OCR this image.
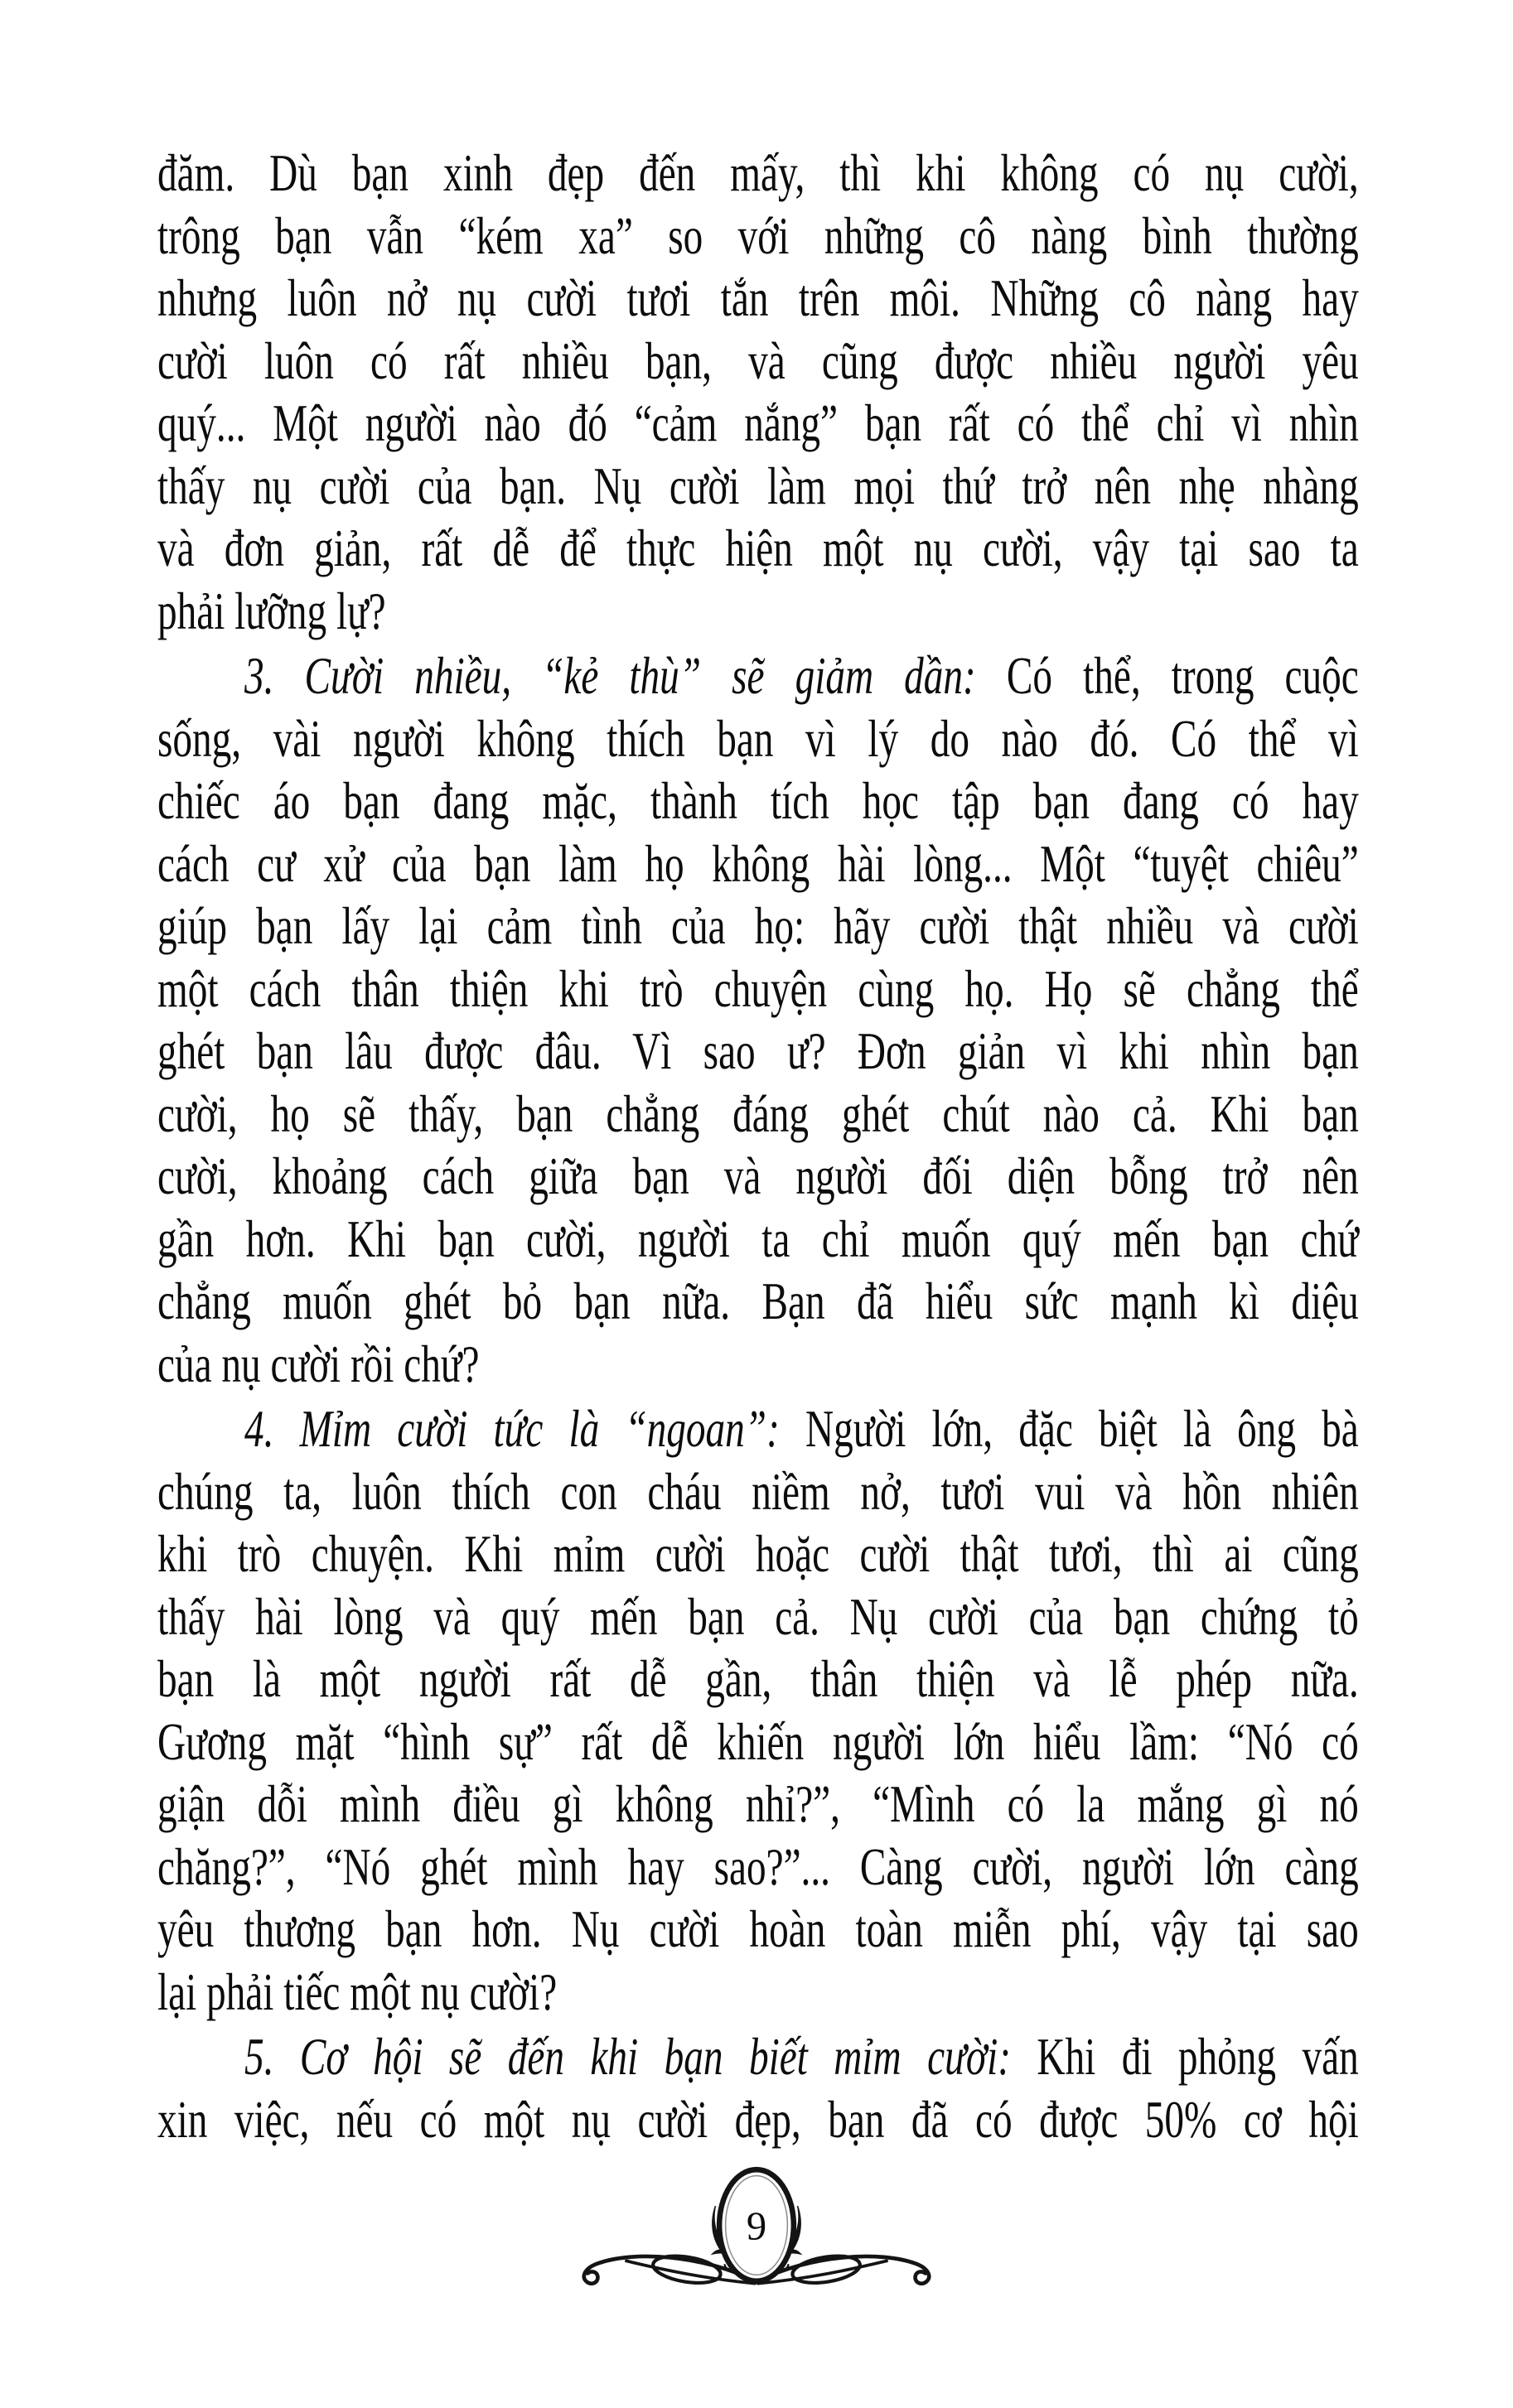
đăm. Dù bạn xinh đẹp đến mấy, thì khi không có nụ cười,
trông bạn vẫn “kém xa” so với những cô nàng bình thường
nhưng luôn nở nụ cười tươi tắn trên môi. Những cô nàng hay
cười luôn có rất nhiều bạn, và cũng được nhiều người yêu
quý... Một người nào đó “cảm nắng” bạn rất có thể chỉ vì nhìn
thấy nụ cười của bạn. Nụ cười làm mọi thứ trở nên nhẹ nhàng
và đơn giản, rất dễ để thực hiện một nụ cười, vậy tại sao ta
phải lưỡng lự?
3. Cười nhiều, “kẻ thù” sẽ giảm dần: Có thể, trong cuộc
sống, vài người không thích bạn vì lý do nào đó. Có thể vì
chiếc áo bạn đang mặc, thành tích học tập bạn đang có hay
cách cư xử của bạn làm họ không hài lòng... Một “tuyệt chiêu”
giúp bạn lấy lại cảm tình của họ: hãy cười thật nhiều và cười
một cách thân thiện khi trò chuyện cùng họ. Họ sẽ chẳng thể
ghét bạn lâu được đâu. Vì sao ư? Đơn giản vì khi nhìn bạn
cười, họ sẽ thấy, bạn chẳng đáng ghét chút nào cả. Khi bạn
cười, khoảng cách giữa bạn và người đối diện bỗng trở nên
gần hơn. Khi bạn cười, người ta chỉ muốn quý mến bạn chứ
chẳng muốn ghét bỏ bạn nữa. Bạn đã hiểu sức mạnh kì diệu
của nụ cười rồi chứ?
4. Mỉm cười tức là “ngoan”: Người lớn, đặc biệt là ông bà
chúng ta, luôn thích con cháu niềm nở, tươi vui và hồn nhiên
khi trò chuyện. Khi mỉm cười hoặc cười thật tươi, thì ai cũng
thấy hài lòng và quý mến bạn cả. Nụ cười của bạn chứng tỏ
bạn là một người rất dễ gần, thân thiện và lễ phép nữa.
Gương mặt “hình sự” rất dễ khiến người lớn hiểu lầm: “Nó có
giận dỗi mình điều gì không nhỉ?”, “Mình có la mắng gì nó
chăng?”, “Nó ghét mình hay sao?”... Càng cười, người lớn càng
yêu thương bạn hơn. Nụ cười hoàn toàn miễn phí, vậy tại sao
lại phải tiếc một nụ cười?
5. Cơ hội sẽ đến khi bạn biết mỉm cười: Khi đi phỏng vấn
xin việc, nếu có một nụ cười đẹp, bạn đã có được 50% cơ hội
9
